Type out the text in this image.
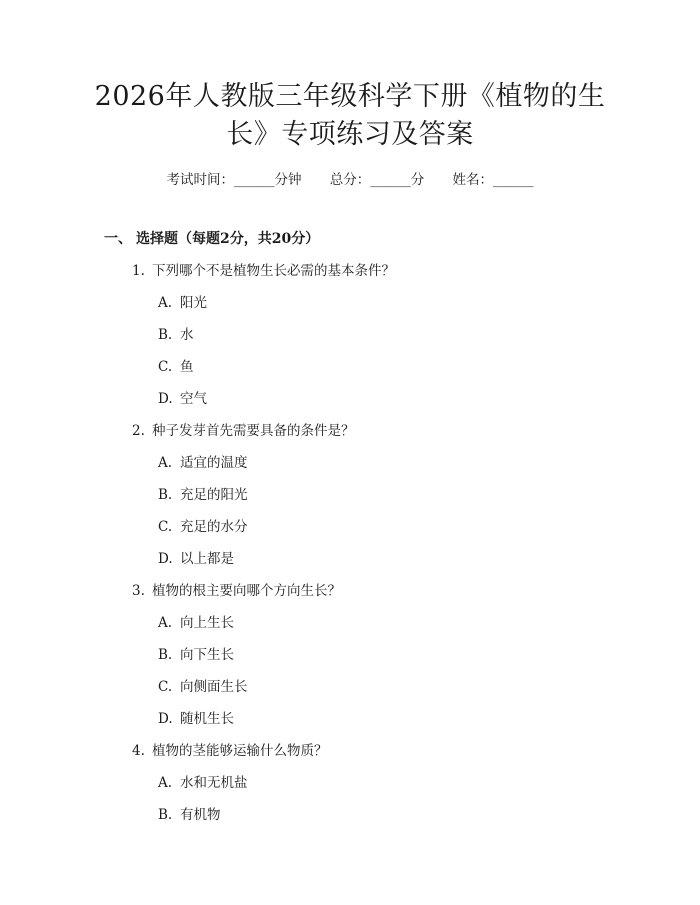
2026年人教版三年级科学下册《植物的生
长》专项练习及答案
考试时间：______分钟 总分：______分 姓名：______
一、 选择题（每题2分，共20分）
1. 下列哪个不是植物生长必需的基本条件？
A. 阳光
B. 水
C. 鱼
D. 空气
2. 种子发芽首先需要具备的条件是？
A. 适宜的温度
B. 充足的阳光
C. 充足的水分
D. 以上都是
3. 植物的根主要向哪个方向生长？
A. 向上生长
B. 向下生长
C. 向侧面生长
D. 随机生长
4. 植物的茎能够运输什么物质？
A. 水和无机盐
B. 有机物
